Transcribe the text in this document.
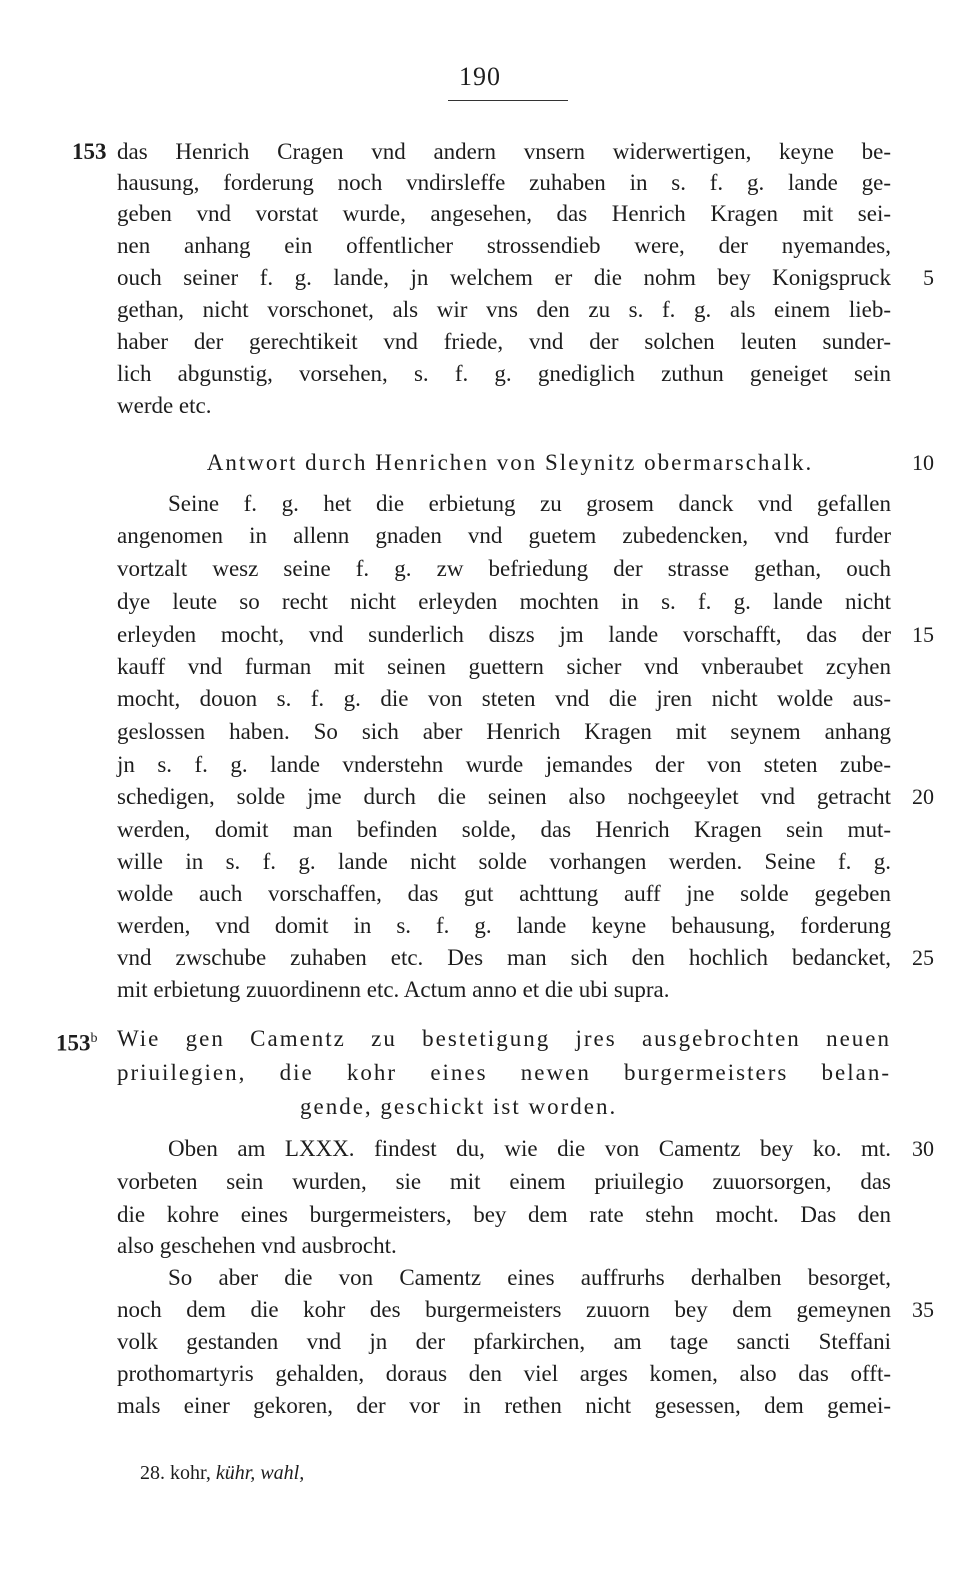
190
153
153$^b$
das Henrich Cragen vnd andern vnsern widerwertigen, keyne be-
hausung, forderung noch vndirsleffe zuhaben in s. f. g. lande ge-
geben vnd vorstat wurde, angesehen, das Henrich Kragen mit sei-
nen anhang ein offentlicher strossendieb were, der nyemandes,
ouch seiner f. g. lande, jn welchem er die nohm bey Konigspruck	5
gethan, nicht vorschonet, als wir vns den zu s. f. g. als einem lieb-
haber der gerechtikeit vnd friede, vnd der solchen leuten sunder-
lich abgunstig, vorsehen, s. f. g. gnediglich zuthun geneiget sein
werde etc.
Antwort durch Henrichen von Sleynitz obermarschalk.	10
Seine f. g. het die erbietung zu grosem danck vnd gefallen
angenomen in allenn gnaden vnd guetem zubedencken, vnd furder
vortzalt wesz seine f. g. zw befriedung der strasse gethan, ouch
dye leute so recht nicht erleyden mochten in s. f. g. lande nicht
erleyden mocht, vnd sunderlich diszs jm lande vorschafft, das der 15
kauff vnd furman mit seinen guettern sicher vnd vnberaubet zcyhen
mocht, douon s. f. g. die von steten vnd die jren nicht wolde aus-
geslossen haben. So sich aber Henrich Kragen mit seynem anhang
jn s. f. g. lande vnderstehn wurde jemandes der von steten zube-
schedigen, solde jme durch die seinen also nochgeeylet vnd getracht 20
werden, domit man befinden solde, das Henrich Kragen sein mut-
wille in s. f. g. lande nicht solde vorhangen werden. Seine f. g.
wolde auch vorschaffen, das gut achttung auff jne solde gegeben
werden, vnd domit in s. f. g. lande keyne behausung, forderung
vnd zwschube zuhaben etc. Des man sich den hochlich bedancket, 25
mit erbietung zuuordinenn etc. Actum anno et die ubi supra.
Wie gen Camentz zu bestetigung jres ausgebrochten neuen
priuilegien, die kohr eines newen burgermeisters belan-
gende, geschickt ist worden.
Oben am LXXX. findest du, wie die von Camentz bey ko. mt. 30
vorbeten sein wurden, sie mit einem priuilegio zuuorsorgen, das
die kohre eines burgermeisters, bey dem rate stehn mocht. Das den
also geschehen vnd ausbrocht.
So aber die von Camentz eines auffrurhs derhalben besorget,
noch dem die kohr des burgermeisters zuuorn bey dem gemeynen 35
volk gestanden vnd jn der pfarkirchen, am tage sancti Steffani
prothomartyris gehalden, doraus den viel arges komen, also das offt-
mals einer gekoren, der vor in rethen nicht gesessen, dem gemei-
28. kohr, kühr, wahl,
